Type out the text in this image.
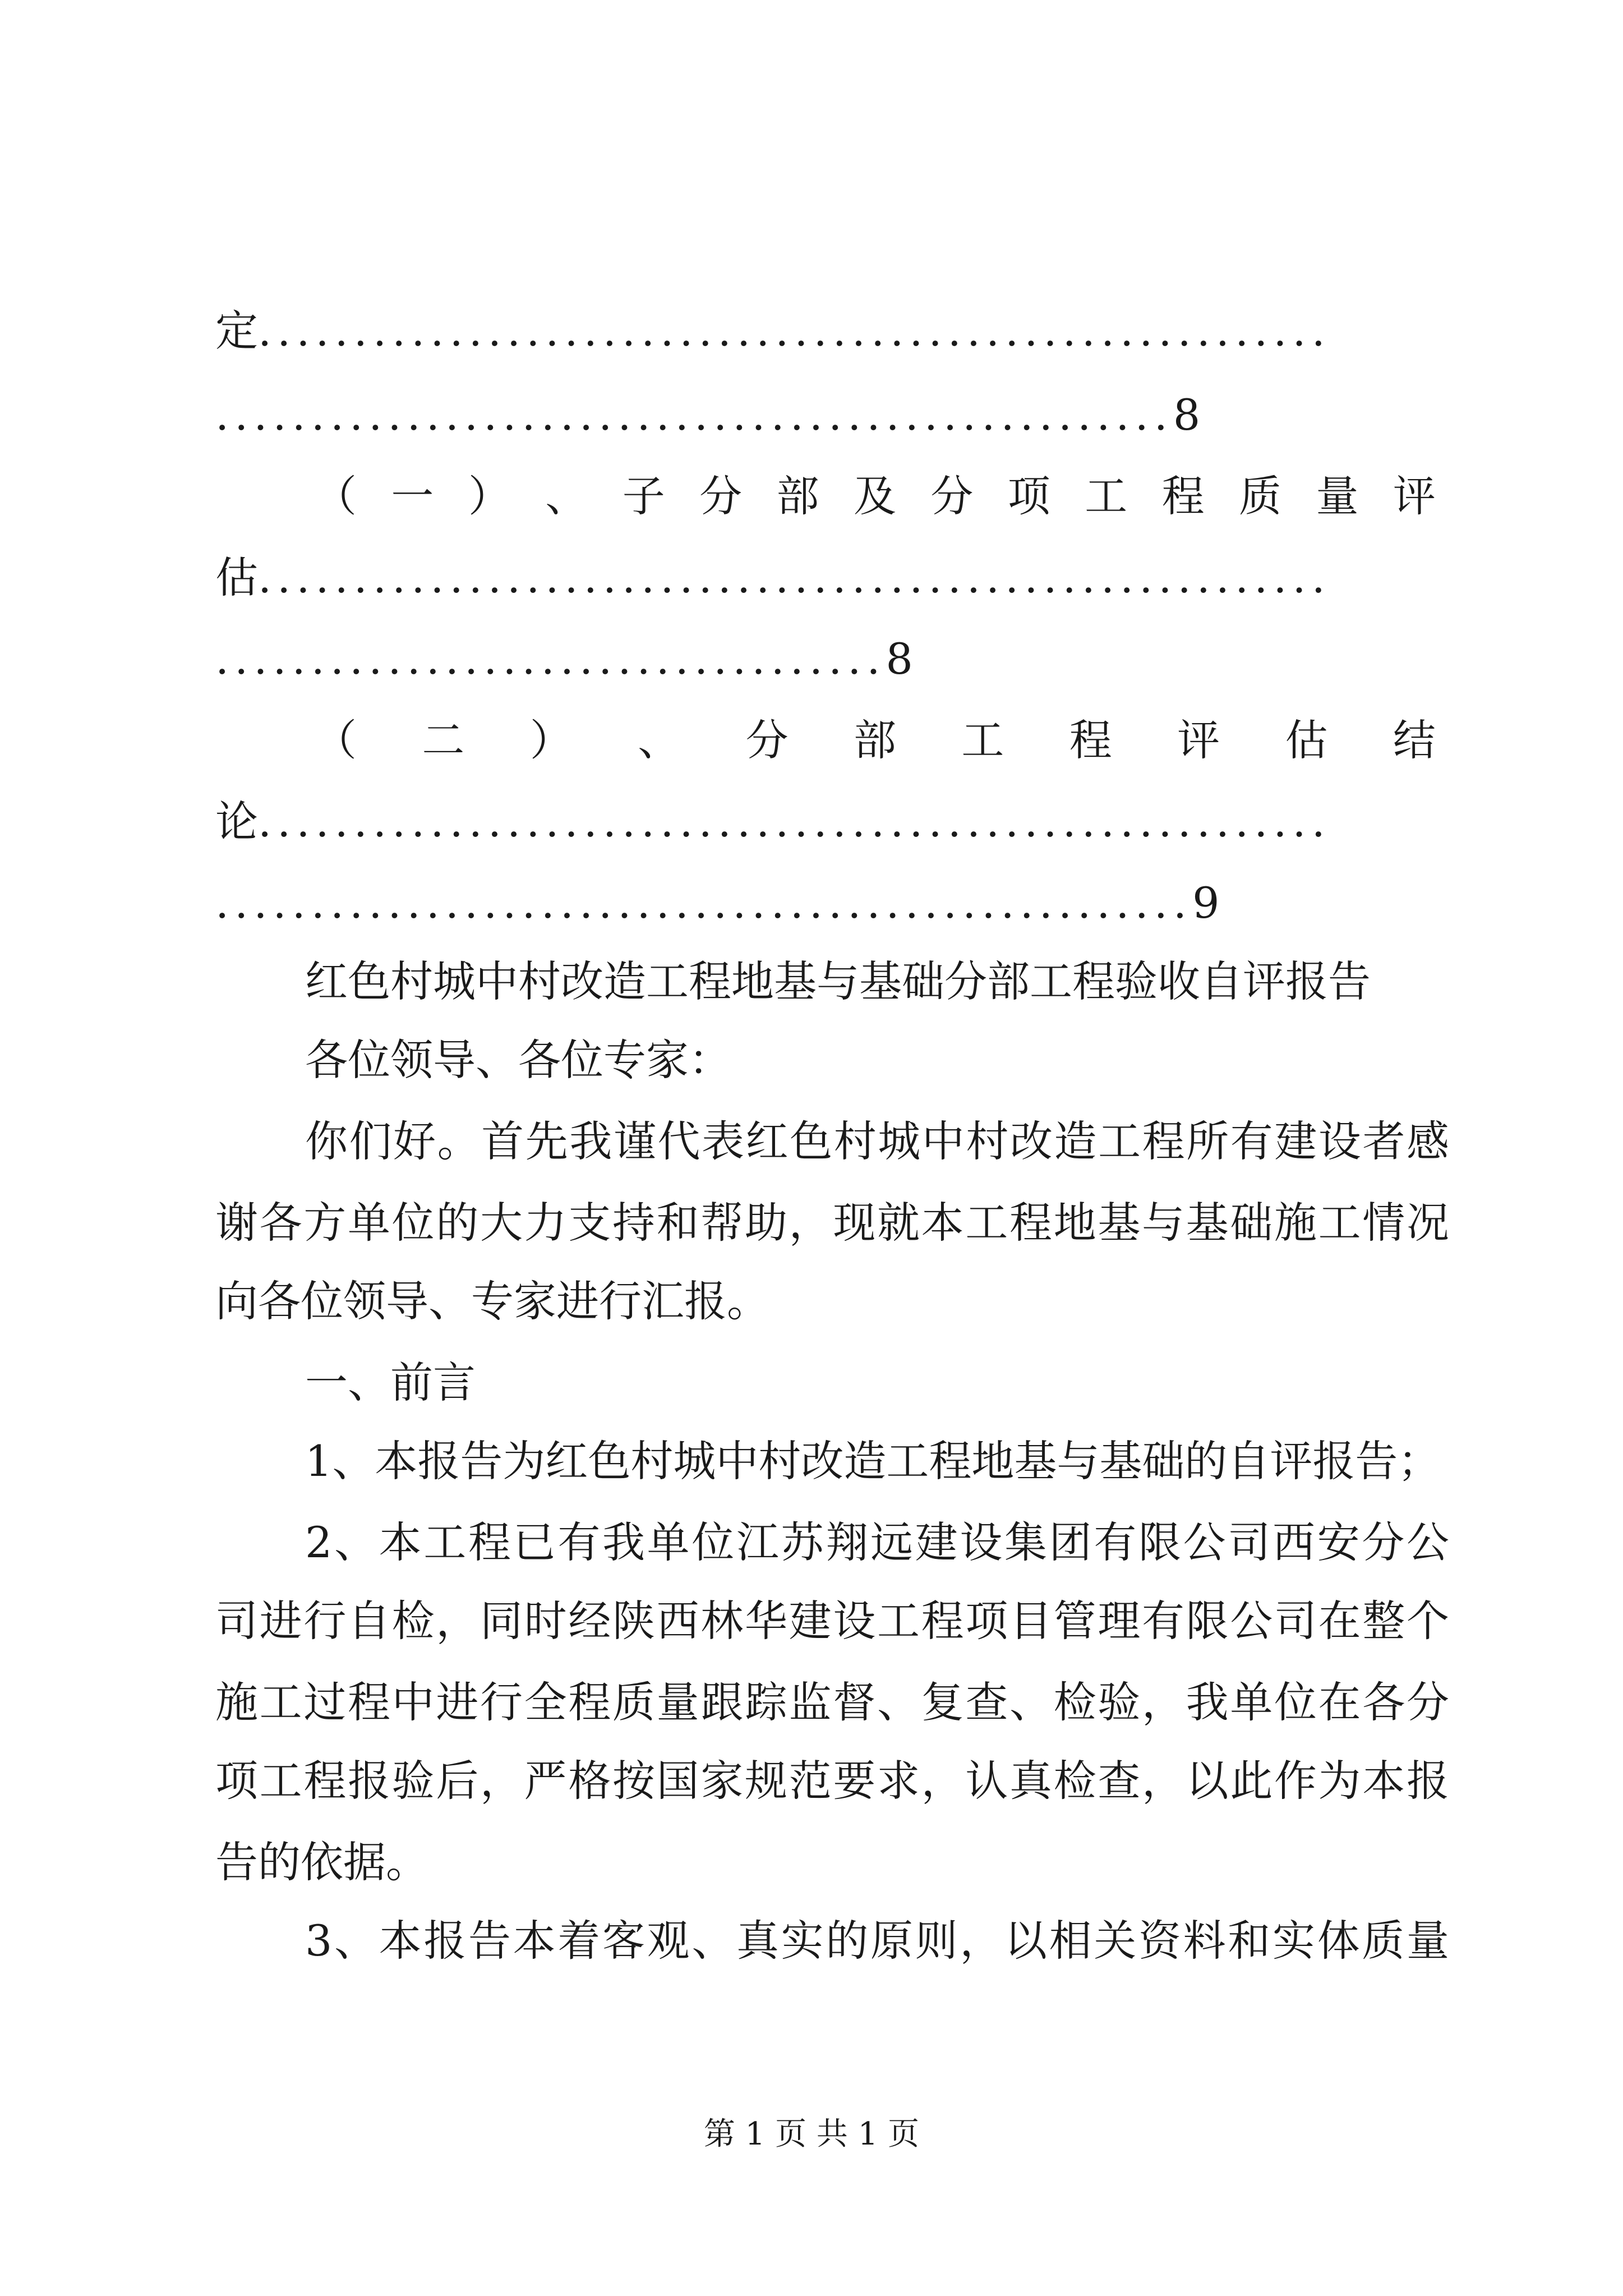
定........................................................
..................................................8
（ 一 ） 、 子 分 部 及 分 项 工 程 质 量 评
估........................................................
...................................8
（ 二 ） 、 分 部 工 程 评 估 结
论........................................................
...................................................9
红色村城中村改造工程地基与基础分部工程验收自评报告
各位领导、各位专家：
你们好。首先我谨代表红色村城中村改造工程所有建设者感
谢各方单位的大力支持和帮助，现就本工程地基与基础施工情况
向各位领导、专家进行汇报。
一、前言
1、本报告为红色村城中村改造工程地基与基础的自评报告；
2、本工程已有我单位江苏翔远建设集团有限公司西安分公
司进行自检，同时经陕西林华建设工程项目管理有限公司在整个
施工过程中进行全程质量跟踪监督、复查、检验，我单位在各分
项工程报验后，严格按国家规范要求，认真检查，以此作为本报
告的依据。
3、本报告本着客观、真实的原则，以相关资料和实体质量
第 1 页 共 1 页
